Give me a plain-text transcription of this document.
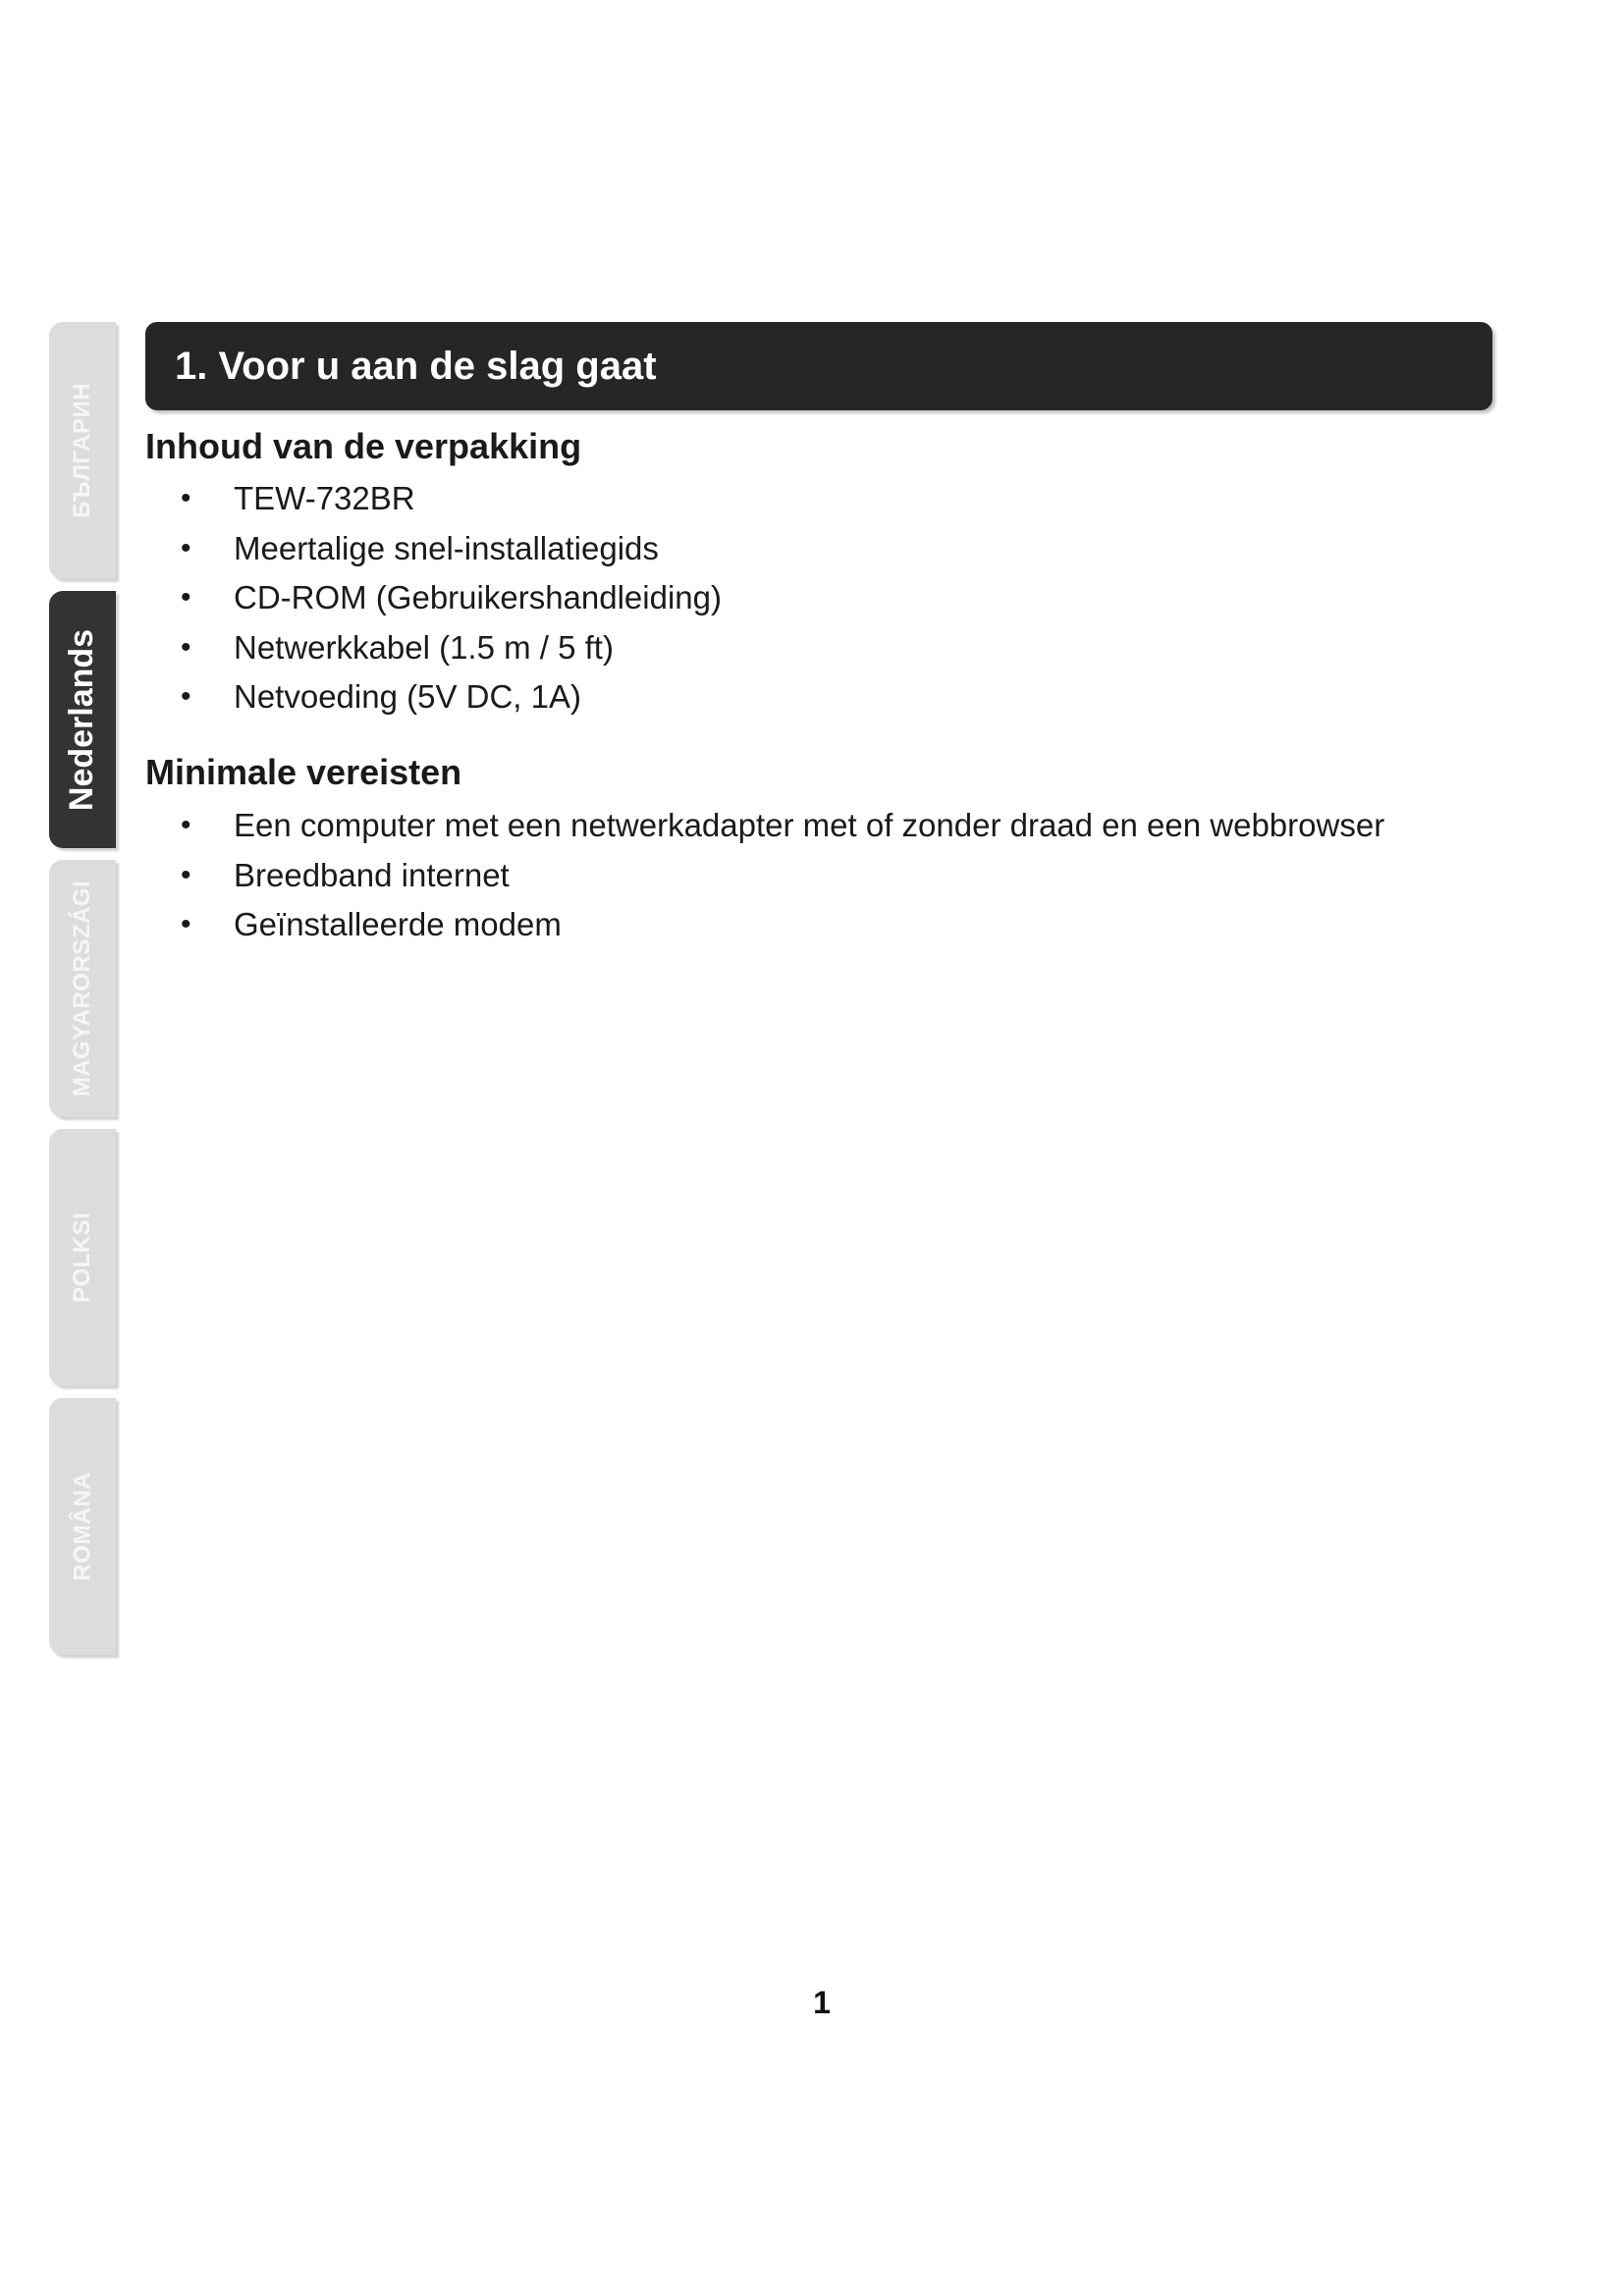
БЪЛГАРИН
Nederlands
MAGYARORSZÁGI
POLKSI
ROMÂNA
1. Voor u aan de slag gaat
Inhoud van de verpakking
• TEW-732BR
• Meertalige snel-installatiegids
• CD-ROM (Gebruikershandleiding)
• Netwerkkabel (1.5 m / 5 ft)
• Netvoeding (5V DC, 1A)
Minimale vereisten
• Een computer met een netwerkadapter met of zonder draad en een webbrowser
• Breedband internet
• Geïnstalleerde modem
1
